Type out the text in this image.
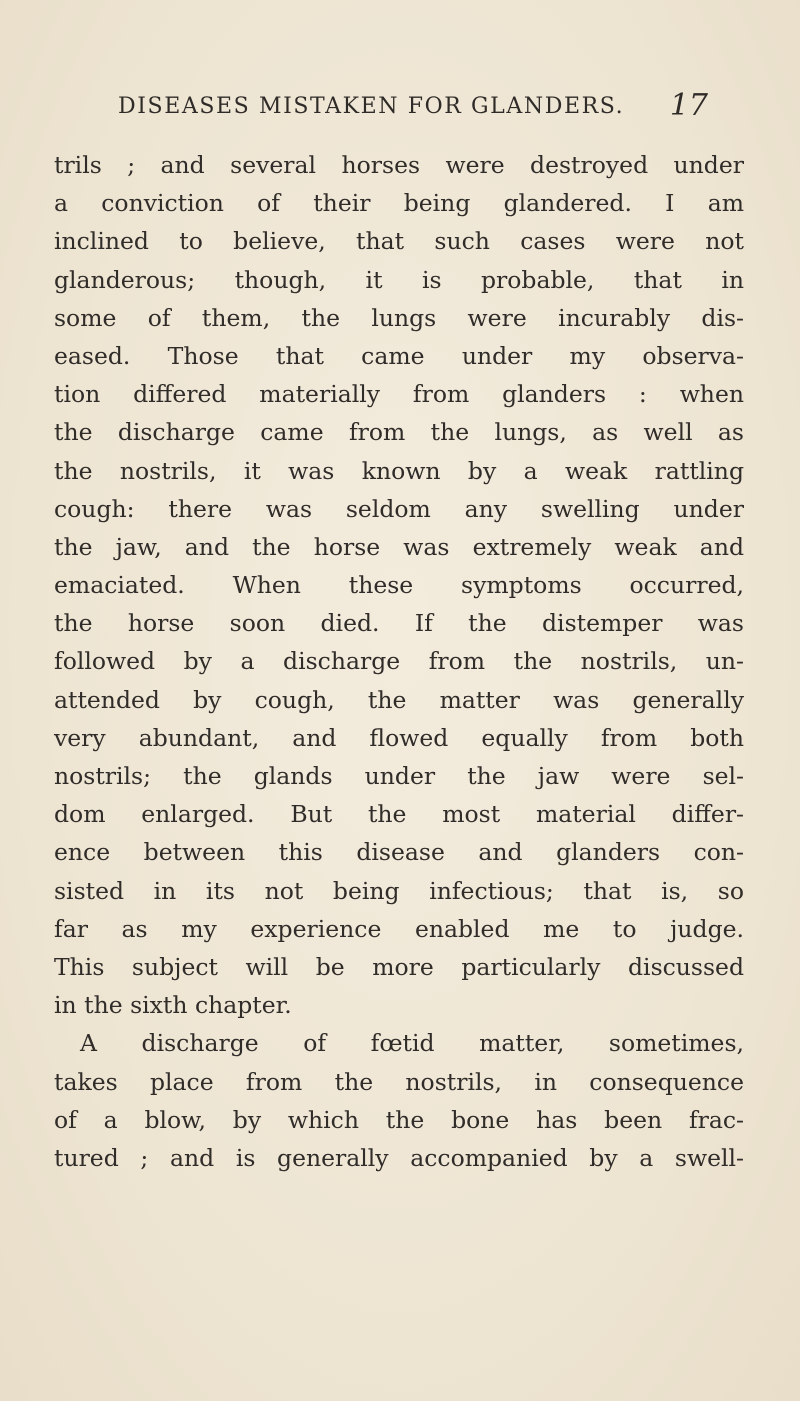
DISEASES MISTAKEN FOR GLANDERS. 17
trils ; and several horses were destroyed under
a conviction of their being glandered. I am
inclined to believe, that such cases were not
glanderous; though, it is probable, that in
some of them, the lungs were incurably dis-
eased. Those that came under my observa-
tion differed materially from glanders : when
the discharge came from the lungs, as well as
the nostrils, it was known by a weak rattling
cough: there was seldom any swelling under
the jaw, and the horse was extremely weak and
emaciated. When these symptoms occurred,
the horse soon died. If the distemper was
followed by a discharge from the nostrils, un-
attended by cough, the matter was generally
very abundant, and flowed equally from both
nostrils; the glands under the jaw were sel-
dom enlarged. But the most material differ-
ence between this disease and glanders con-
sisted in its not being infectious; that is, so
far as my experience enabled me to judge.
This subject will be more particularly discussed
in the sixth chapter.
A discharge of fœtid matter, sometimes,
takes place from the nostrils, in consequence
of a blow, by which the bone has been frac-
tured ; and is generally accompanied by a swell-
